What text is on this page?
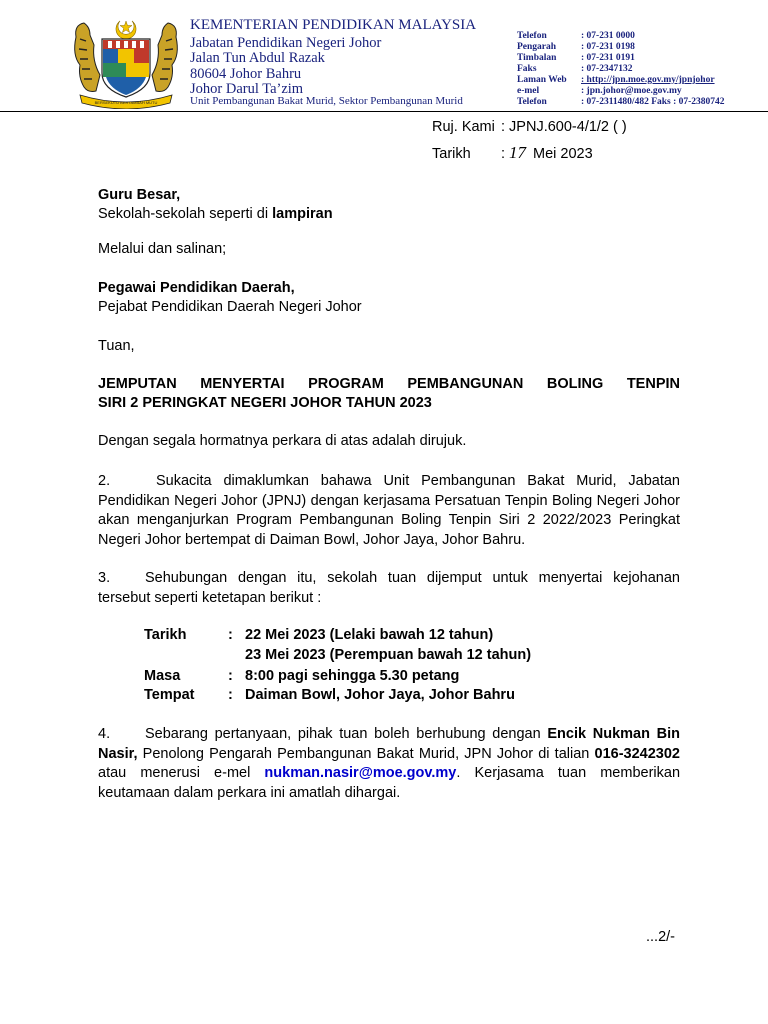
BERSEKUTU BERTAMBAH MUTU
KEMENTERIAN PENDIDIKAN MALAYSIA
Jabatan Pendidikan Negeri Johor
Jalan Tun Abdul Razak
80604 Johor Bahru
Johor Darul Ta’zim
Unit Pembangunan Bakat Murid, Sektor Pembangunan Murid
Telefon	: 07-231 0000
Pengarah	: 07-231 0198
Timbalan	: 07-231 0191
Faks	: 07-2347132
Laman Web : http://jpn.moe.gov.my/jpnjohor
e-mel	: jpn.johor@moe.gov.my
Telefon	: 07-2311480/482 Faks : 07-2380742
Ruj. Kami : JPNJ.600-4/1/2 ( )
Tarikh : 17 Mei 2023
Guru Besar,
Sekolah-sekolah seperti di lampiran
Melalui dan salinan;
Pegawai Pendidikan Daerah,
Pejabat Pendidikan Daerah Negeri Johor
Tuan,
JEMPUTAN MENYERTAI PROGRAM PEMBANGUNAN BOLING TENPIN
SIRI 2 PERINGKAT NEGERI JOHOR TAHUN 2023
Dengan segala hormatnya perkara di atas adalah dirujuk.
2.	Sukacita dimaklumkan bahawa Unit Pembangunan Bakat Murid, Jabatan Pendidikan Negeri Johor (JPNJ) dengan kerjasama Persatuan Tenpin Boling Negeri Johor akan menganjurkan Program Pembangunan Boling Tenpin Siri 2 2022/2023 Peringkat Negeri Johor bertempat di Daiman Bowl, Johor Jaya, Johor Bahru.
3. Sehubungan dengan itu, sekolah tuan dijemput untuk menyertai kejohanan tersebut seperti ketetapan berikut :
Tarikh	: 22 Mei 2023 (Lelaki bawah 12 tahun)
23 Mei 2023 (Perempuan bawah 12 tahun)
Masa	: 8:00 pagi sehingga 5.30 petang
Tempat : Daiman Bowl, Johor Jaya, Johor Bahru
4. Sebarang pertanyaan, pihak tuan boleh berhubung dengan Encik Nukman Bin Nasir, Penolong Pengarah Pembangunan Bakat Murid, JPN Johor di talian 016-3242302 atau menerusi e-mel nukman.nasir@moe.gov.my. Kerjasama tuan memberikan keutamaan dalam perkara ini amatlah dihargai.
...2/-
